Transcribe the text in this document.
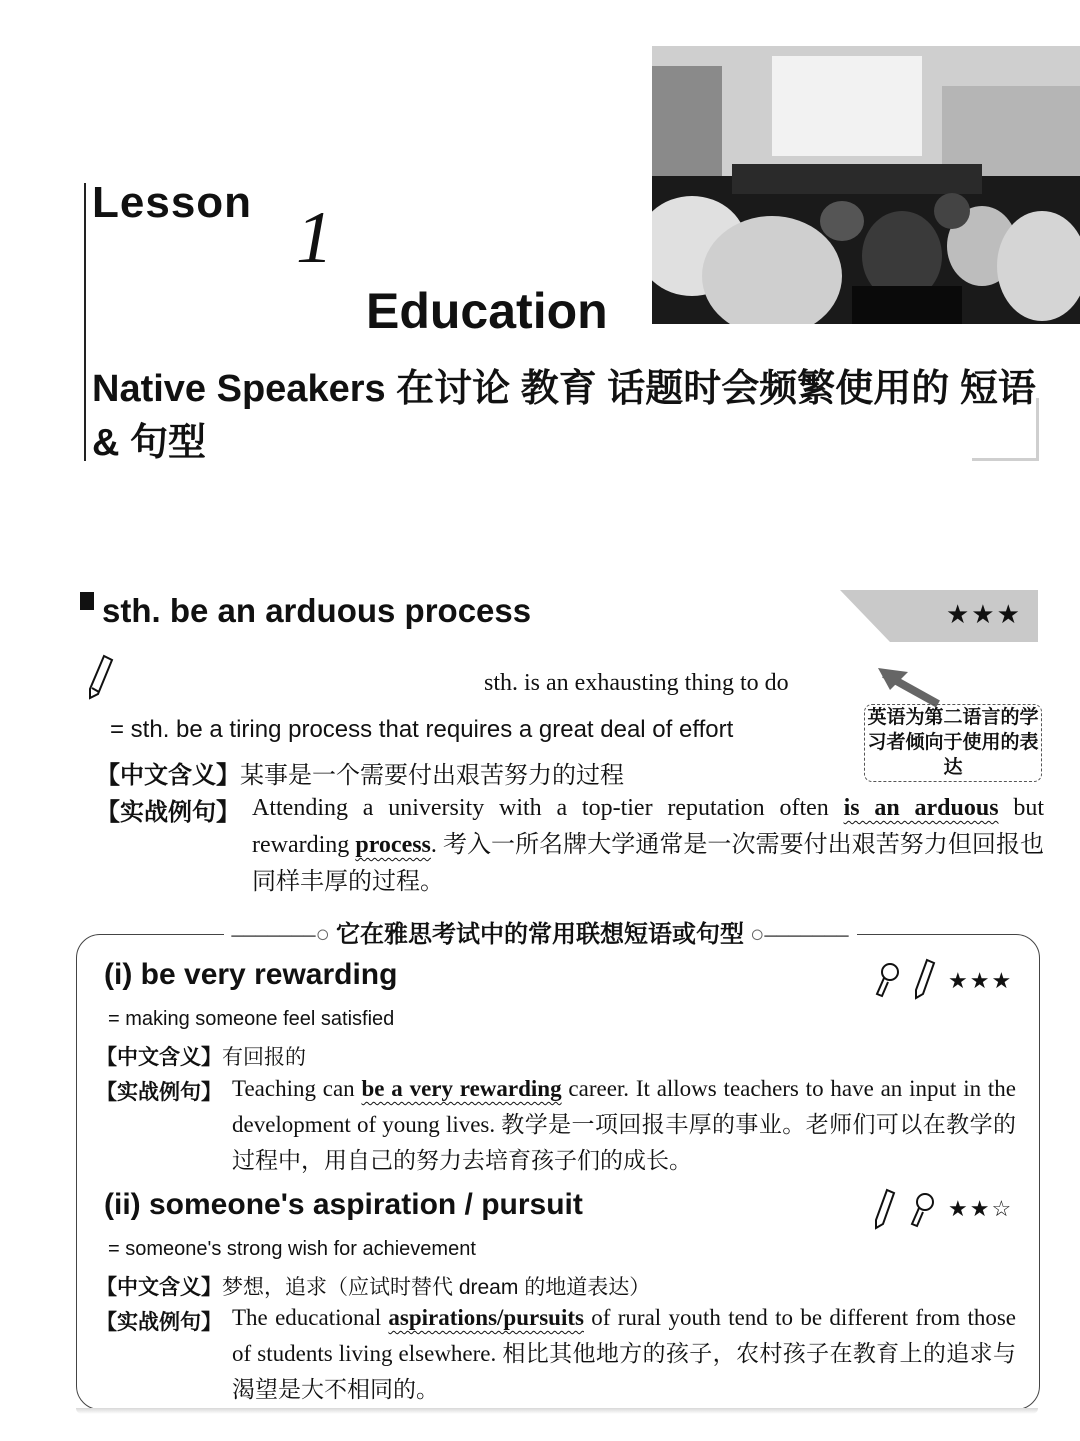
Lesson 1
Education
Native Speakers 在讨论 教育 话题时会频繁使用的 短语 & 句型
sth. be an arduous process	★★★
sth. is an exhausting thing to do
英语为第二语言的学习者倾向于使用的表达
= sth. be a tiring process that requires a great deal of effort
【中文含义】某事是一个需要付出艰苦努力的过程
【实战例句】 Attending a university with a top-tier reputation often is an arduous but rewarding process. 考入一所名牌大学通常是一次需要付出艰苦努力但回报也同样丰厚的过程。
–––––––○ 它在雅思考试中的常用联想短语或句型 ○–––––––
(i) be very rewarding	★★★
= making someone feel satisfied
【中文含义】有回报的
【实战例句】 Teaching can be a very rewarding career. It allows teachers to have an input in the development of young lives. 教学是一项回报丰厚的事业。老师们可以在教学的过程中，用自己的努力去培育孩子们的成长。
(ii) someone's aspiration / pursuit	★★☆
= someone's strong wish for achievement
【中文含义】梦想，追求（应试时替代 dream 的地道表达）
【实战例句】 The educational aspirations/pursuits of rural youth tend to be different from those of students living elsewhere. 相比其他地方的孩子，农村孩子在教育上的追求与渴望是大不相同的。
